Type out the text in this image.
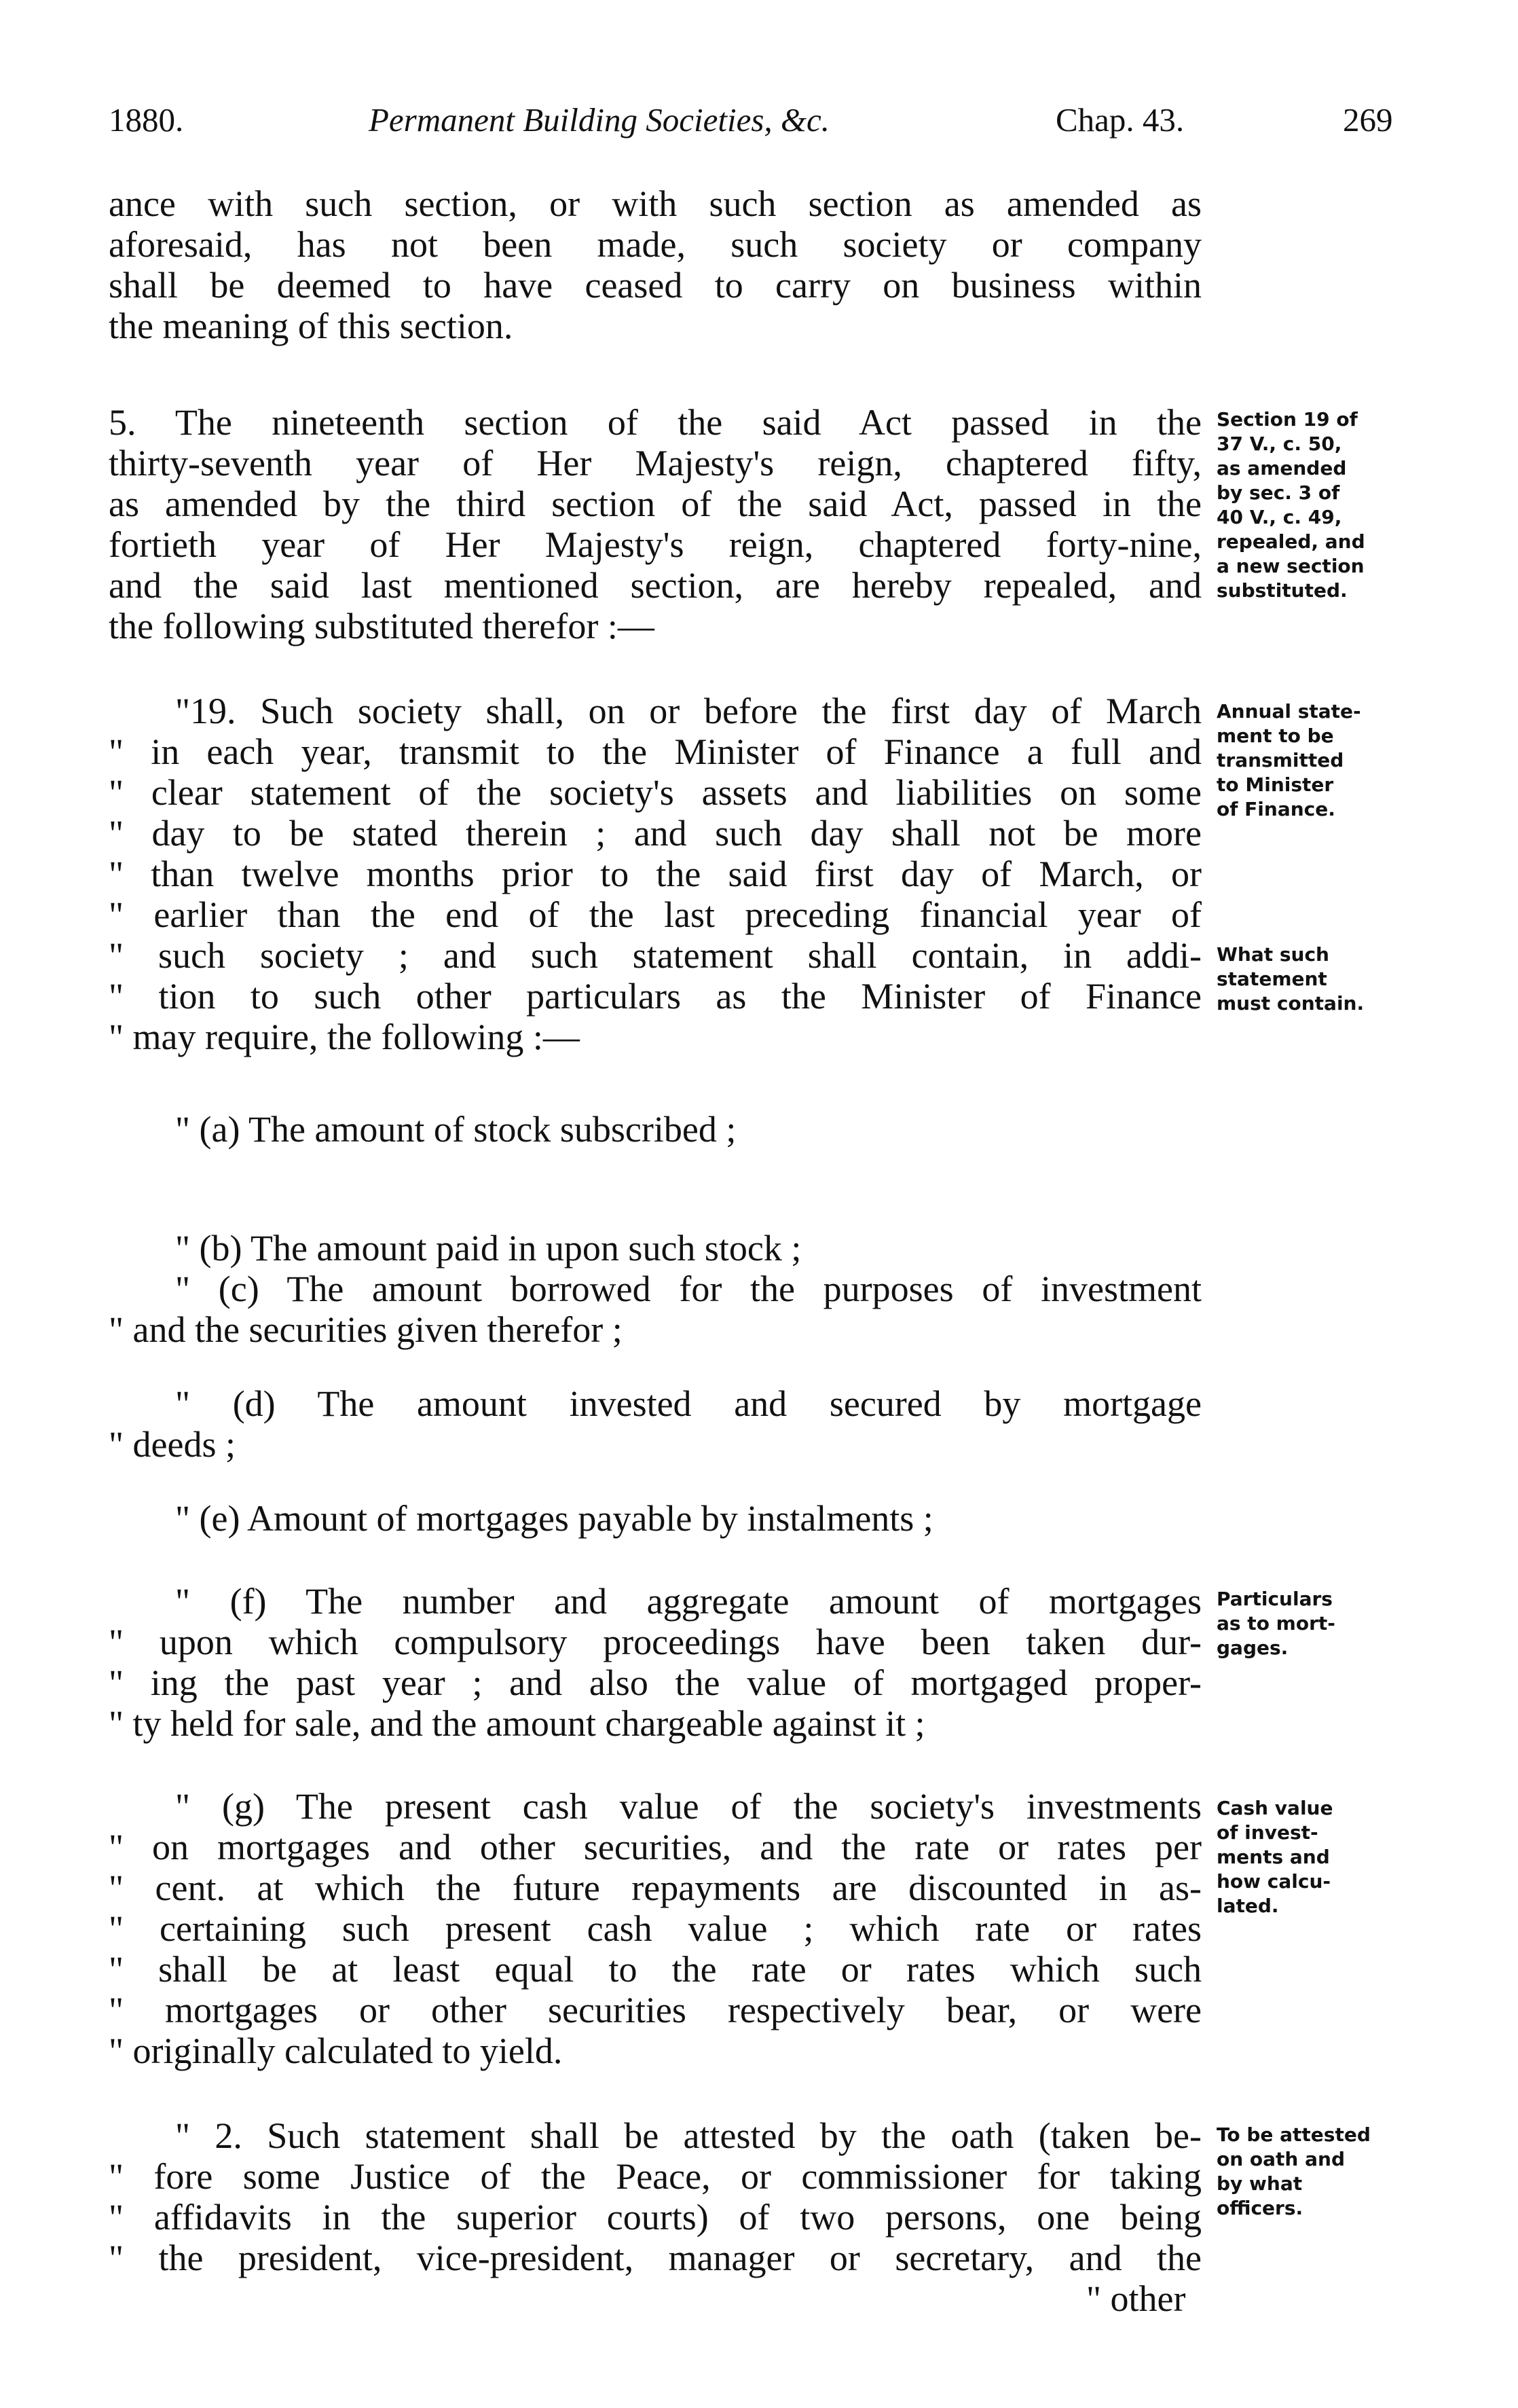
1880.	Permanent Building Societies, &c.	Chap. 43.	269
ance with such section, or with such section as amended as
aforesaid, has not been made, such society or company
shall be deemed to have ceased to carry on business within
the meaning of this section.
5. The nineteenth section of the said Act passed in the
thirty-seventh year of Her Majesty's reign, chaptered fifty,
as amended by the third section of the said Act, passed in the
fortieth year of Her Majesty's reign, chaptered forty-nine,
and the said last mentioned section, are hereby repealed, and
the following substituted therefor :—
"19. Such society shall, on or before the first day of March
" in each year, transmit to the Minister of Finance a full and
" clear statement of the society's assets and liabilities on some
" day to be stated therein ; and such day shall not be more
" than twelve months prior to the said first day of March, or
" earlier than the end of the last preceding financial year of
" such society ; and such statement shall contain, in addi-
" tion to such other particulars as the Minister of Finance
" may require, the following :—
" (a) The amount of stock subscribed ;
" (b) The amount paid in upon such stock ;
" (c) The amount borrowed for the purposes of investment
" and the securities given therefor ;
" (d) The amount invested and secured by mortgage
" deeds ;
" (e) Amount of mortgages payable by instalments ;
" (f) The number and aggregate amount of mortgages
" upon which compulsory proceedings have been taken dur-
" ing the past year ; and also the value of mortgaged proper-
" ty held for sale, and the amount chargeable against it ;
" (g) The present cash value of the society's investments
" on mortgages and other securities, and the rate or rates per
" cent. at which the future repayments are discounted in as-
" certaining such present cash value ; which rate or rates
" shall be at least equal to the rate or rates which such
" mortgages or other securities respectively bear, or were
" originally calculated to yield.
" 2. Such statement shall be attested by the oath (taken be-
" fore some Justice of the Peace, or commissioner for taking
" affidavits in the superior courts) of two persons, one being
" the president, vice-president, manager or secretary, and the
" other
Section 19 of
37 V., c. 50,
as amended
by sec. 3 of
40 V., c. 49,
repealed, and
a new section
substituted.
Annual state-
ment to be
transmitted
to Minister
of Finance.
What such
statement
must contain.
Particulars
as to mort-
gages.
Cash value
of invest-
ments and
how calcu-
lated.
To be attested
on oath and
by what
officers.
